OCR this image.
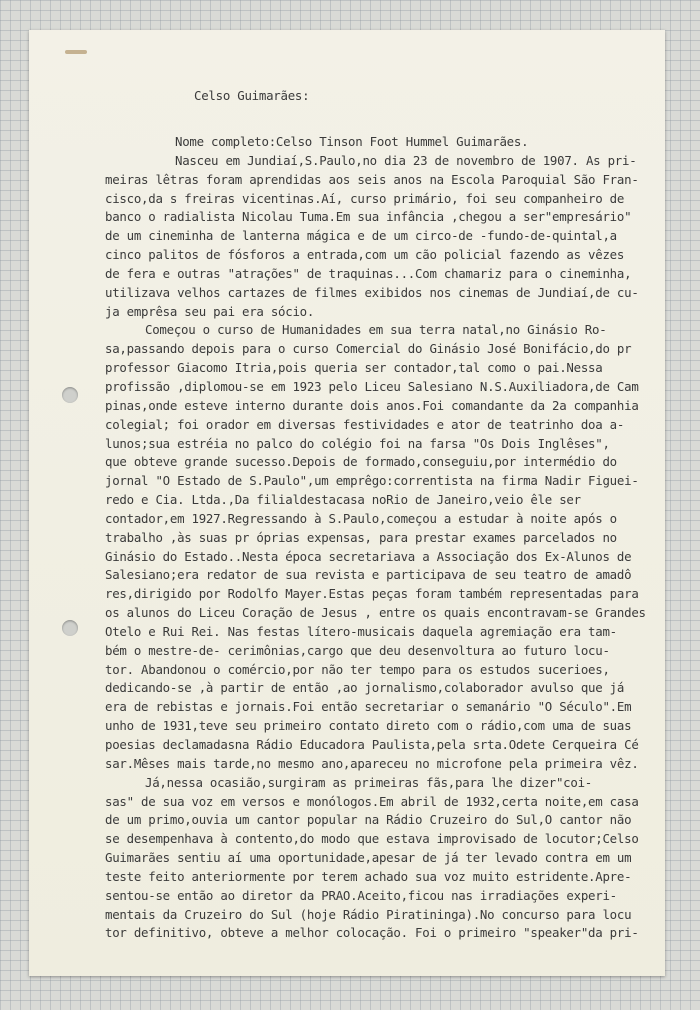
Celso Guimarães:
Nome completo:Celso Tinson Foot Hummel Guimarães.
Nasceu em Jundiaí,S.Paulo,no dia 23 de novembro de 1907. As pri-
meiras lêtras foram aprendidas aos seis anos na Escola Paroquial São Fran-
cisco,da s freiras vicentinas.Aí, curso primário, foi seu companheiro de
banco o radialista Nicolau Tuma.Em sua infância ,chegou a ser"empresário"
de um cineminha de lanterna mágica e de um circo-de -fundo-de-quintal,a
cinco palitos de fósforos a entrada,com um cão policial fazendo as vêzes
de fera e outras "atrações" de traquinas...Com chamariz para o cineminha,
utilizava velhos cartazes de filmes exibidos nos cinemas de Jundiaí,de cu-
ja emprêsa seu pai era sócio.
Começou o curso de Humanidades em sua terra natal,no Ginásio Ro-
sa,passando depois para o curso Comercial do Ginásio José Bonifácio,do pr
professor Giacomo Itria,pois queria ser contador,tal como o pai.Nessa
profissão ,diplomou-se em 1923 pelo Liceu Salesiano N.S.Auxiliadora,de Cam
pinas,onde esteve interno durante dois anos.Foi comandante da 2a companhia
colegial; foi orador em diversas festividades e ator de teatrinho doa a-
lunos;sua estréia no palco do colégio foi na farsa "Os Dois Inglêses",
que obteve grande sucesso.Depois de formado,conseguiu,por intermédio do
jornal "O Estado de S.Paulo",um emprêgo:correntista na firma Nadir Figuei-
redo e Cia. Ltda.,Da filialdestacasa noRio de Janeiro,veio êle ser
contador,em 1927.Regressando à S.Paulo,começou a estudar à noite após o
trabalho ,às suas pr óprias expensas, para prestar exames parcelados no
Ginásio do Estado..Nesta época secretariava a Associação dos Ex-Alunos de
Salesiano;era redator de sua revista e participava de seu teatro de amadô
res,dirigido por Rodolfo Mayer.Estas peças foram também representadas para
os alunos do Liceu Coração de Jesus , entre os quais encontravam-se Grandes
Otelo e Rui Rei. Nas festas lítero-musicais daquela agremiação era tam-
bém o mestre-de- cerimônias,cargo que deu desenvoltura ao futuro locu-
tor. Abandonou o comércio,por não ter tempo para os estudos sucerioes,
dedicando-se ,à partir de então ,ao jornalismo,colaborador avulso que já
era de rebistas e jornais.Foi então secretariar o semanário "O Século".Em
unho de 1931,teve seu primeiro contato direto com o rádio,com uma de suas
poesias declamadasna Rádio Educadora Paulista,pela srta.Odete Cerqueira Cé
sar.Mêses mais tarde,no mesmo ano,apareceu no microfone pela primeira vêz.
Já,nessa ocasião,surgiram as primeiras fãs,para lhe dizer"coi-
sas" de sua voz em versos e monólogos.Em abril de 1932,certa noite,em casa
de um primo,ouvia um cantor popular na Rádio Cruzeiro do Sul,O cantor não
se desempenhava à contento,do modo que estava improvisado de locutor;Celso
Guimarães sentiu aí uma oportunidade,apesar de já ter levado contra em um
teste feito anteriormente por terem achado sua voz muito estridente.Apre-
sentou-se então ao diretor da PRAO.Aceito,ficou nas irradiações experi-
mentais da Cruzeiro do Sul (hoje Rádio Piratininga).No concurso para locu
tor definitivo, obteve a melhor colocação. Foi o primeiro "speaker"da pri-
